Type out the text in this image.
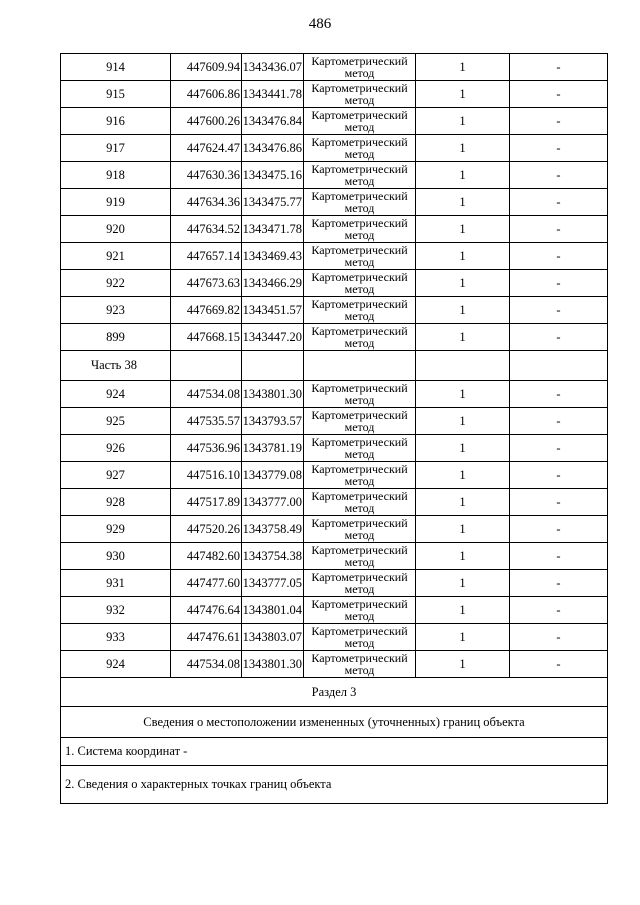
486
914	447609.94	1343436.07	Картометрический метод	1	-
915	447606.86	1343441.78	Картометрический метод	1	-
916	447600.26	1343476.84	Картометрический метод	1	-
917	447624.47	1343476.86	Картометрический метод	1	-
918	447630.36	1343475.16	Картометрический метод	1	-
919	447634.36	1343475.77	Картометрический метод	1	-
920	447634.52	1343471.78	Картометрический метод	1	-
921	447657.14	1343469.43	Картометрический метод	1	-
922	447673.63	1343466.29	Картометрический метод	1	-
923	447669.82	1343451.57	Картометрический метод	1	-
899	447668.15	1343447.20	Картометрический метод	1	-
Часть 38					
924	447534.08	1343801.30	Картометрический метод	1	-
925	447535.57	1343793.57	Картометрический метод	1	-
926	447536.96	1343781.19	Картометрический метод	1	-
927	447516.10	1343779.08	Картометрический метод	1	-
928	447517.89	1343777.00	Картометрический метод	1	-
929	447520.26	1343758.49	Картометрический метод	1	-
930	447482.60	1343754.38	Картометрический метод	1	-
931	447477.60	1343777.05	Картометрический метод	1	-
932	447476.64	1343801.04	Картометрический метод	1	-
933	447476.61	1343803.07	Картометрический метод	1	-
924	447534.08	1343801.30	Картометрический метод	1	-
Раздел 3					
Сведения о местоположении измененных (уточненных) границ объекта					
1. Система координат -					
2. Сведения о характерных точках границ объекта					
